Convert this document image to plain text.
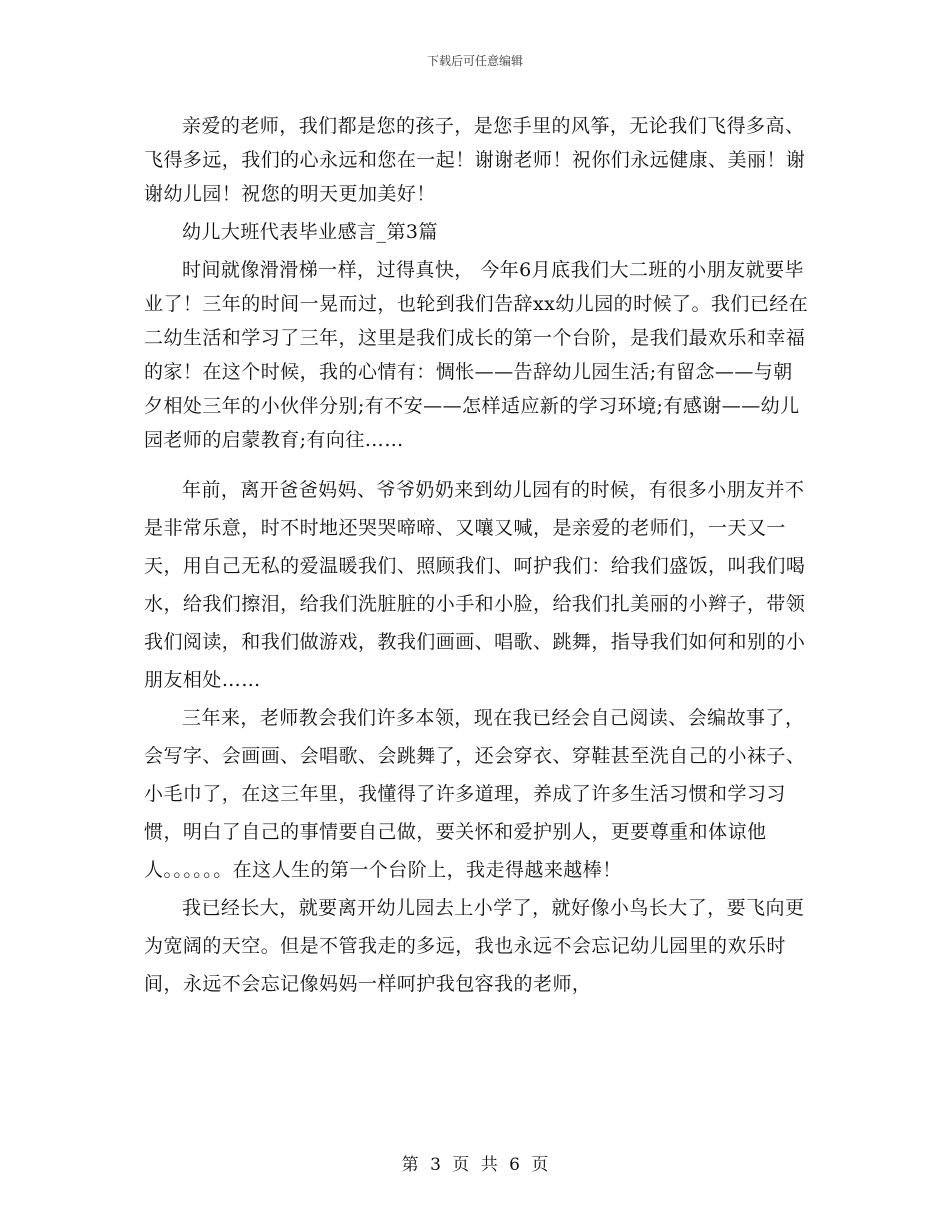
下载后可任意编辑

亲爱的老师，我们都是您的孩子，是您手里的风筝，无论我们飞得多高、飞得多远，我们的心永远和您在一起！谢谢老师！祝你们永远健康、美丽！谢谢幼儿园！祝您的明天更加美好！

幼儿大班代表毕业感言_第3篇

时间就像滑滑梯一样，过得真快， 今年6月底我们大二班的小朋友就要毕业了！三年的时间一晃而过，也轮到我们告辞xx幼儿园的时候了。我们已经在二幼生活和学习了三年，这里是我们成长的第一个台阶，是我们最欢乐和幸福的家！在这个时候，我的心情有：惆怅——告辞幼儿园生活;有留念——与朝夕相处三年的小伙伴分别;有不安——怎样适应新的学习环境;有感谢——幼儿园老师的启蒙教育;有向往……

年前，离开爸爸妈妈、爷爷奶奶来到幼儿园有的时候，有很多小朋友并不是非常乐意，时不时地还哭哭啼啼、又嚷又喊，是亲爱的老师们，一天又一天，用自己无私的爱温暖我们、照顾我们、呵护我们：给我们盛饭，叫我们喝水，给我们擦泪，给我们洗脏脏的小手和小脸，给我们扎美丽的小辫子，带领我们阅读，和我们做游戏，教我们画画、唱歌、跳舞，指导我们如何和别的小朋友相处……

三年来，老师教会我们许多本领，现在我已经会自己阅读、会编故事了，会写字、会画画、会唱歌、会跳舞了，还会穿衣、穿鞋甚至洗自己的小袜子、小毛巾了，在这三年里，我懂得了许多道理，养成了许多生活习惯和学习习惯，明白了自己的事情要自己做，要关怀和爱护别人，更要尊重和体谅他人。。。。。。在这人生的第一个台阶上，我走得越来越棒！

我已经长大，就要离开幼儿园去上小学了，就好像小鸟长大了，要飞向更为宽阔的天空。但是不管我走的多远，我也永远不会忘记幼儿园里的欢乐时间，永远不会忘记像妈妈一样呵护我包容我的老师，

第 3 页 共 6 页
